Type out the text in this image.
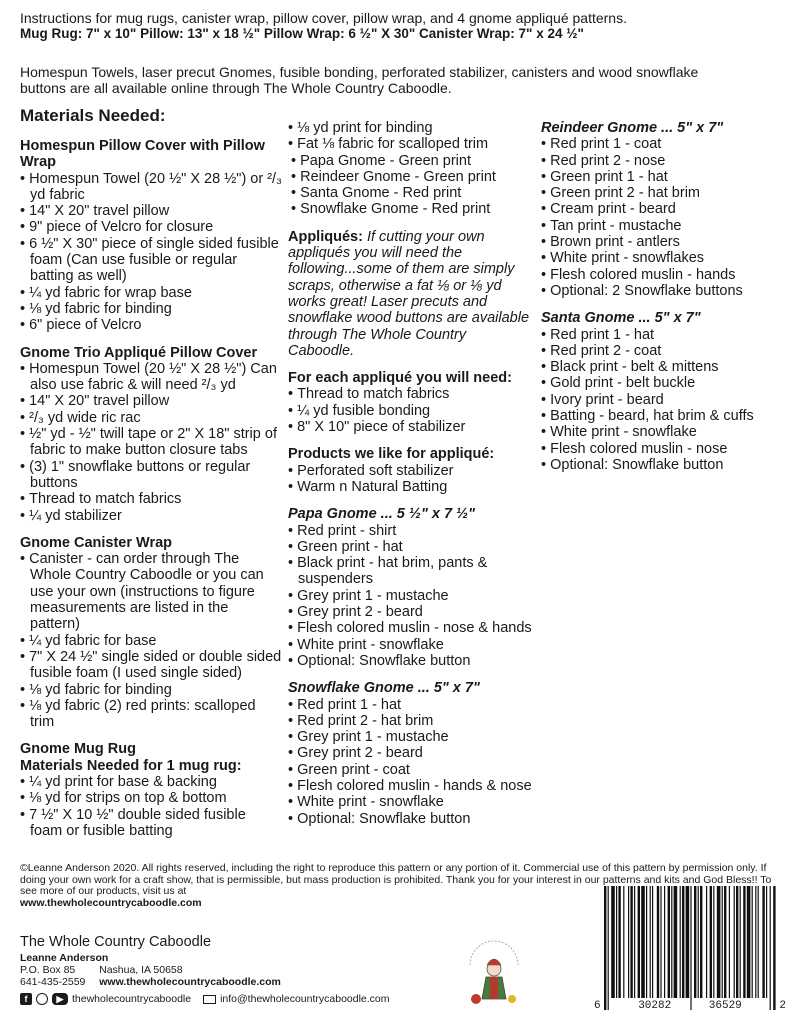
Instructions for mug rugs, canister wrap, pillow cover, pillow wrap, and 4 gnome appliqué patterns.
Mug Rug: 7" x 10" Pillow: 13" x 18 ½" Pillow Wrap: 6 ½" X 30" Canister Wrap: 7" x 24 ½"
Homespun Towels, laser precut Gnomes, fusible bonding, perforated stabilizer, canisters and wood snowflake buttons are all available online through The Whole Country Caboodle.
Materials Needed:
Homespun Pillow Cover with Pillow Wrap
• Homespun Towel (20 ½" X 28 ½") or ²/₃ yd fabric
• 14" X 20" travel pillow
• 9" piece of Velcro for closure
• 6 ½" X 30" piece of single sided fusible foam (Can use fusible or regular batting as well)
• ¼ yd fabric for wrap base
• ⅛ yd fabric for binding
• 6" piece of Velcro
Gnome Trio Appliqué Pillow Cover
• Homespun Towel (20 ½" X 28 ½") Can also use fabric & will need ²/₃ yd
• 14" X 20" travel pillow
• ²/₃ yd wide ric rac
• ½" yd - ½" twill tape or 2" X 18" strip of fabric to make button closure tabs
• (3) 1" snowflake buttons or regular buttons
• Thread to match fabrics
• ¼ yd stabilizer
Gnome Canister Wrap
• Canister - can order through The Whole Country Caboodle or you can use your own (instructions to figure measurements are listed in the pattern)
• ¼ yd fabric for base
• 7" X 24 ½" single sided or double sided fusible foam (I used single sided)
• ⅛ yd fabric for binding
• ⅛ yd fabric (2) red prints: scalloped trim
Gnome Mug Rug
Materials Needed for 1 mug rug:
• ¼ yd print for base & backing
• ⅛ yd for strips on top & bottom
• 7 ½" X 10 ½" double sided fusible foam or fusible batting
• ⅛ yd print for binding
• Fat ⅛ fabric for scalloped trim
• Papa Gnome - Green print
• Reindeer Gnome - Green print
• Santa Gnome - Red print
• Snowflake Gnome - Red print
Appliqués: If cutting your own appliqués you will need the following...some of them are simply scraps, otherwise a fat ⅛ or ⅛ yd works great! Laser precuts and snowflake wood buttons are available through The Whole Country Caboodle.
For each appliqué you will need:
• Thread to match fabrics
• ¼ yd fusible bonding
• 8" X 10" piece of stabilizer
Products we like for appliqué:
• Perforated soft stabilizer
• Warm n Natural Batting
Papa Gnome ... 5 ½" x 7 ½"
• Red print - shirt
• Green print - hat
• Black print - hat brim, pants & suspenders
• Grey print 1 - mustache
• Grey print 2 - beard
• Flesh colored muslin - nose & hands
• White print - snowflake
• Optional: Snowflake button
Snowflake Gnome ... 5" x 7"
• Red print 1 - hat
• Red print 2 - hat brim
• Grey print 1 - mustache
• Grey print 2 - beard
• Green print - coat
• Flesh colored muslin - hands & nose
• White print - snowflake
• Optional: Snowflake button
Reindeer Gnome ... 5" x 7"
• Red print 1 - coat
• Red print 2 - nose
• Green print 1 - hat
• Green print 2 - hat brim
• Cream print - beard
• Tan print - mustache
• Brown print - antlers
• White print - snowflakes
• Flesh colored muslin - hands
• Optional: 2 Snowflake buttons
Santa Gnome ... 5" x 7"
• Red print 1 - hat
• Red print 2 - coat
• Black print - belt & mittens
• Gold print - belt buckle
• Ivory print - beard
• Batting - beard, hat brim & cuffs
• White print - snowflake
• Flesh colored muslin - nose
• Optional: Snowflake button
©Leanne Anderson 2020. All rights reserved, including the right to reproduce this pattern or any portion of it. Commercial use of this pattern by permission only. If doing your own work for a craft show, that is permissible, but mass production is prohibited. Thank you for your interest in our patterns and kits and God Bless!! To see more of our products, visit us at
www.thewholecountrycaboodle.com
The Whole Country Caboodle
Leanne Anderson
P.O. Box 85 Nashua, IA 50658
641-435-2559 www.thewholecountrycaboodle.com
f	▶ thewholecountrycaboodle	info@thewholecountrycaboodle.com
6	30282	36529	2
